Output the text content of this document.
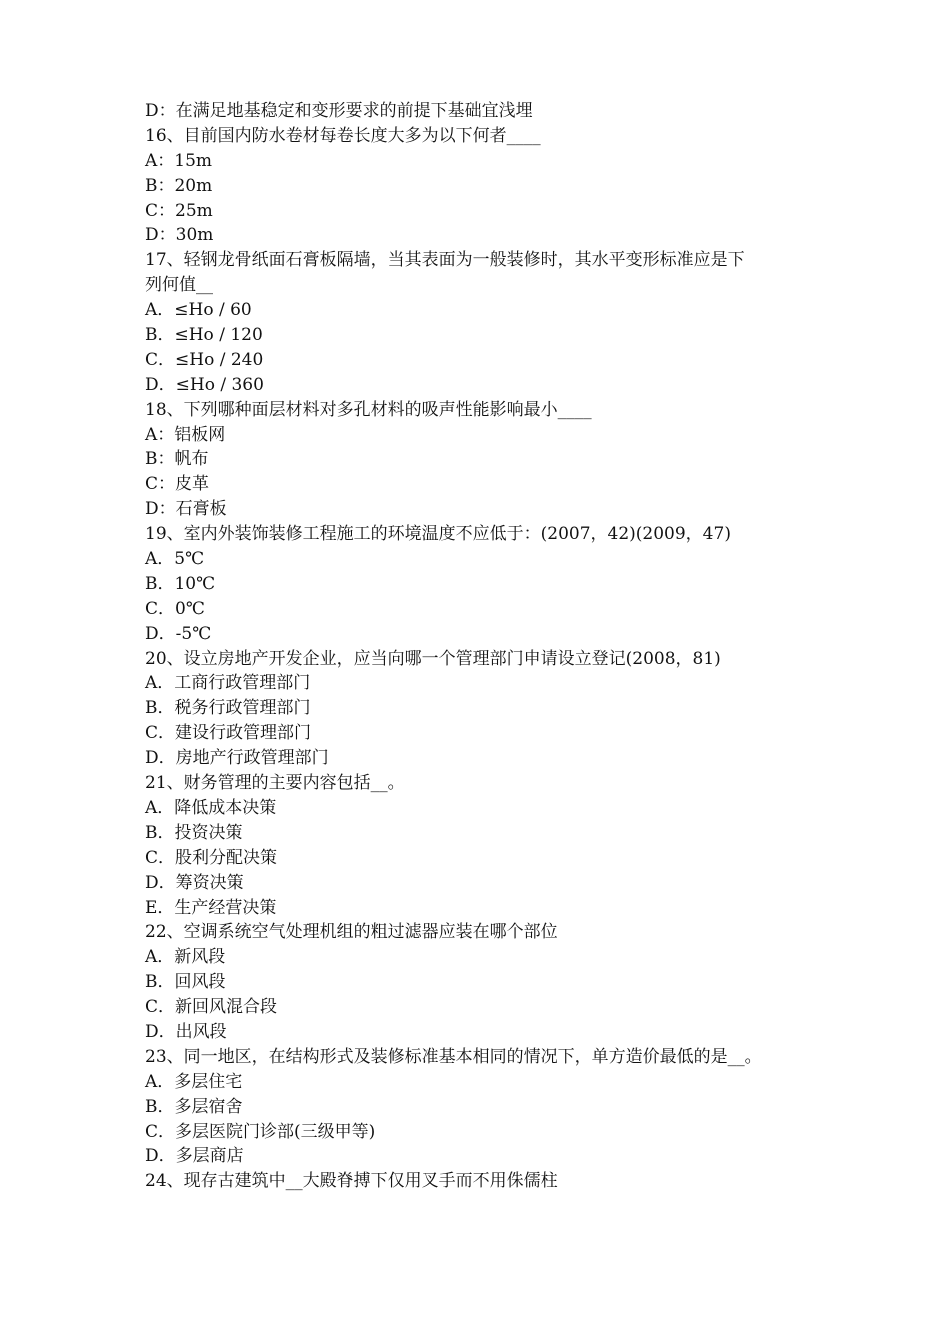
D：在满足地基稳定和变形要求的前提下基础宜浅埋
16、目前国内防水卷材每卷长度大多为以下何者____
A：15m
B：20m
C：25m
D：30m
17、轻钢龙骨纸面石膏板隔墙，当其表面为一般装修时，其水平变形标准应是下
列何值__
A．≤Ho / 60
B．≤Ho / 120
C．≤Ho / 240
D．≤Ho / 360
18、下列哪种面层材料对多孔材料的吸声性能影响最小____
A：铝板网
B：帆布
C：皮革
D：石膏板
19、室内外装饰装修工程施工的环境温度不应低于：(2007，42)(2009，47)
A．5℃
B．10℃
C．0℃
D．-5℃
20、设立房地产开发企业，应当向哪一个管理部门申请设立登记(2008，81)
A．工商行政管理部门
B．税务行政管理部门
C．建设行政管理部门
D．房地产行政管理部门
21、财务管理的主要内容包括__。
A．降低成本决策
B．投资决策
C．股利分配决策
D．筹资决策
E．生产经营决策
22、空调系统空气处理机组的粗过滤器应装在哪个部位
A．新风段
B．回风段
C．新回风混合段
D．出风段
23、同一地区，在结构形式及装修标准基本相同的情况下，单方造价最低的是__。
A．多层住宅
B．多层宿舍
C．多层医院门诊部(三级甲等)
D．多层商店
24、现存古建筑中__大殿脊搏下仅用叉手而不用侏儒柱
